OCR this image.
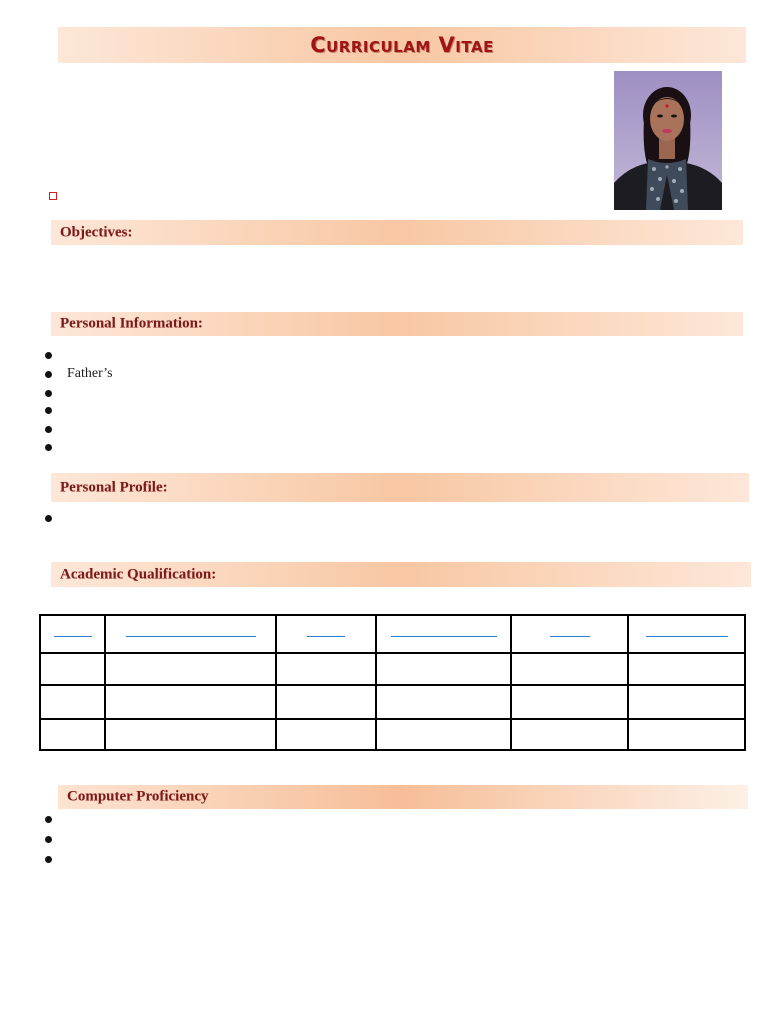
Curriculam Vitae
Objectives:
Personal Information:
Father’s
Personal Profile:
Academic Qualification:

Computer Proficiency
